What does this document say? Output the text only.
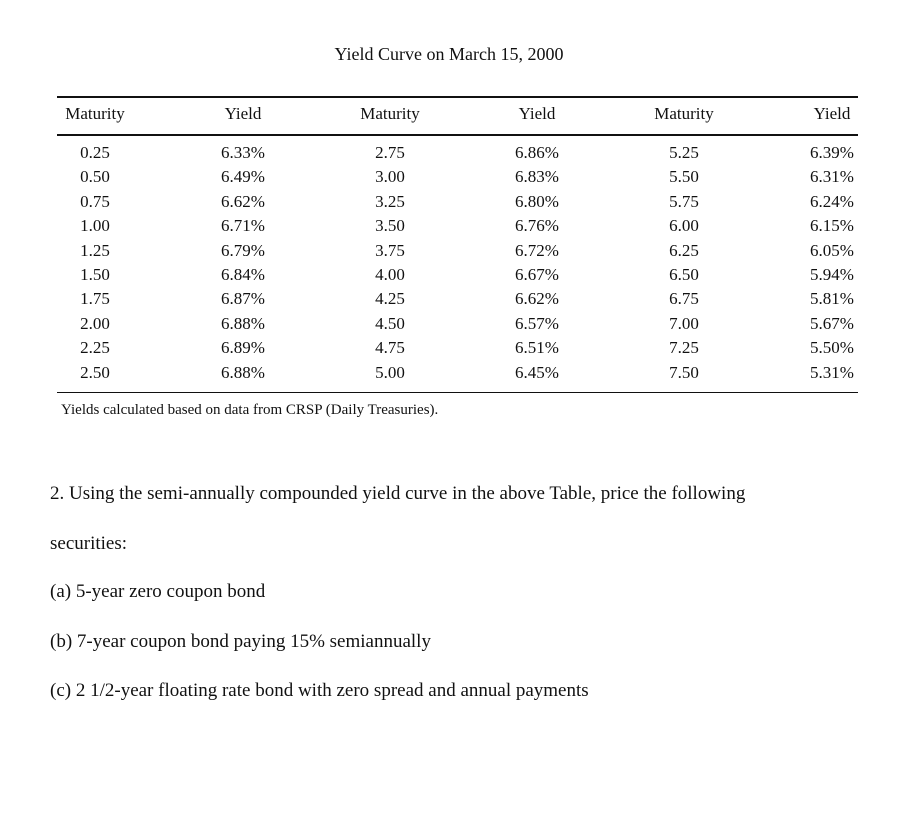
Yield Curve on March 15, 2000
Maturity	Yield	Maturity	Yield	Maturity	Yield
0.25	6.33%	2.75	6.86%	5.25	6.39%
0.50	6.49%	3.00	6.83%	5.50	6.31%
0.75	6.62%	3.25	6.80%	5.75	6.24%
1.00	6.71%	3.50	6.76%	6.00	6.15%
1.25	6.79%	3.75	6.72%	6.25	6.05%
1.50	6.84%	4.00	6.67%	6.50	5.94%
1.75	6.87%	4.25	6.62%	6.75	5.81%
2.00	6.88%	4.50	6.57%	7.00	5.67%
2.25	6.89%	4.75	6.51%	7.25	5.50%
2.50	6.88%	5.00	6.45%	7.50	5.31%
Yields calculated based on data from CRSP (Daily Treasuries).
2. Using the semi-annually compounded yield curve in the above Table, price the following
securities:
(a) 5-year zero coupon bond
(b) 7-year coupon bond paying 15% semiannually
(c) 2 1/2-year floating rate bond with zero spread and annual payments
